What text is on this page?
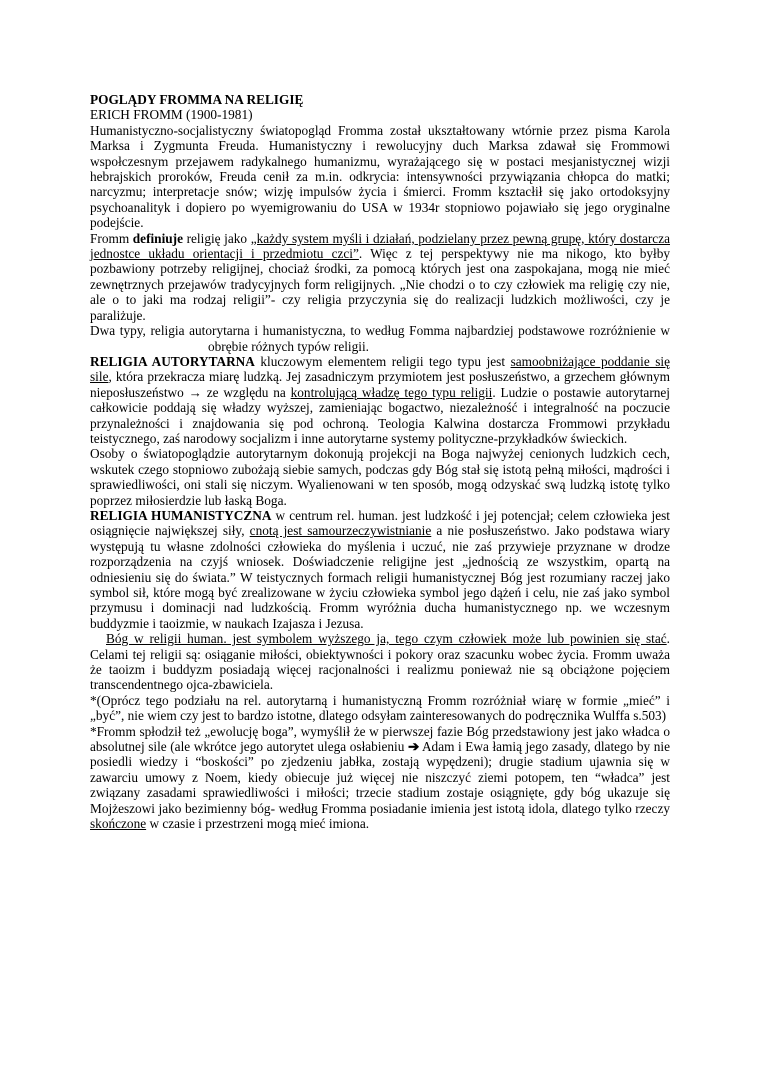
POGLĄDY FROMMA NA RELIGIĘ

ERICH FROMM (1900-1981)

Humanistyczno-socjalistyczny światopogląd Fromma został ukształtowany wtórnie przez pisma Karola Marksa i Zygmunta Freuda. Humanistyczny i rewolucyjny duch Marksa zdawał się Frommowi wspołczesnym przejawem radykalnego humanizmu, wyrażającego się w postaci mesjanistycznej wizji hebrajskich proroków, Freuda cenił za m.in. odkrycia: intensywności przywiązania chłopca do matki; narcyzmu; interpretacje snów; wizję impulsów życia i śmierci. Fromm ksztacłił się jako ortodoksyjny psychoanalityk i dopiero po wyemigrowaniu do USA w 1934r stopniowo pojawiało się jego oryginalne podejście.

Fromm definiuje religię jako „każdy system myśli i działań, podzielany przez pewną grupę, który dostarcza jednostce układu orientacji i przedmiotu czci”. Więc z tej perspektywy nie ma nikogo, kto byłby pozbawiony potrzeby religijnej, chociaż środki, za pomocą których jest ona zaspokajana, mogą nie mieć zewnętrznych przejawów tradycyjnych form religijnych. „Nie chodzi o to czy człowiek ma religię czy nie, ale o to jaki ma rodzaj religii”- czy religia przyczynia się do realizacji ludzkich możliwości, czy je paraliżuje.

Dwa typy, religia autorytarna i humanistyczna, to według Fomma najbardziej podstawowe rozróżnienie wobrębie różnych typów religii.

RELIGIA AUTORYTARNA kluczowym elementem religii tego typu jest samoobniżające poddanie się sile, która przekracza miarę ludzką. Jej zasadniczym przymiotem jest posłuszeństwo, a grzechem głównym nieposłuszeństwo → ze względu na kontrolującą władzę tego typu religii. Ludzie o postawie autorytarnej całkowicie poddają się władzy wyższej, zamieniając bogactwo, niezależność i integralność na poczucie przynależności i znajdowania się pod ochroną. Teologia Kalwina dostarcza Frommowi przykładu teistycznego, zaś narodowy socjalizm i inne autorytarne systemy polityczne-przykładków świeckich.

Osoby o światopoglądzie autorytarnym dokonują projekcji na Boga najwyżej cenionych ludzkich cech, wskutek czego stopniowo zubożają siebie samych, podczas gdy Bóg stał się istotą pełną miłości, mądrości i sprawiedliwości, oni stali się niczym. Wyalienowani w ten sposób, mogą odzyskać swą ludzką istotę tylko poprzez miłosierdzie lub łaską Boga.

RELIGIA HUMANISTYCZNA w centrum rel. human. jest ludzkość i jej potencjał; celem człowieka jest osiągnięcie największej siły, cnotą jest samourzeczywistnianie a nie posłuszeństwo. Jako podstawa wiary występują tu własne zdolności człowieka do myślenia i uczuć, nie zaś przywieje przyznane w drodze rozporządzenia na czyjś wniosek. Doświadczenie religijne jest „jednością ze wszystkim, opartą na odniesieniu się do świata.” W teistycznych formach religii humanistycznej Bóg jest rozumiany raczej jako symbol sił, które mogą być zrealizowane w życiu człowieka symbol jego dążeń i celu, nie zaś jako symbol przymusu i dominacji nad ludzkością. Fromm wyróżnia ducha humanistycznego np. we wczesnym buddyzmie i taoizmie, w naukach Izajasza i Jezusa.

Bóg w religii human. jest symbolem wyższego ja, tego czym człowiek może lub powinien się stać. Celami tej religii są: osiąganie miłości, obiektywności i pokory oraz szacunku wobec życia. Fromm uważa że taoizm i buddyzm posiadają więcej racjonalności i realizmu ponieważ nie są obciążone pojęciem transcendentnego ojca-zbawiciela.

*(Oprócz tego podziału na rel. autorytarną i humanistyczną Fromm rozróżniał wiarę w formie „mieć” i „być”, nie wiem czy jest to bardzo istotne, dlatego odsyłam zainteresowanych do podręcznika Wulffa s.503)

*Fromm spłodził też „ewolucję boga”, wymyślił że w pierwszej fazie Bóg przedstawiony jest jako władca o absolutnej sile (ale wkrótce jego autorytet ulega osłabieniu ➔ Adam i Ewa łamią jego zasady, dlatego by nie posiedli wiedzy i “boskości” po zjedzeniu jabłka, zostają wypędzeni); drugie stadium ujawnia się w zawarciu umowy z Noem, kiedy obiecuje już więcej nie niszczyć ziemi potopem, ten “władca” jest związany zasadami sprawiedliwości i miłości; trzecie stadium zostaje osiągnięte, gdy bóg ukazuje się Mojżeszowi jako bezimienny bóg- według Fromma posiadanie imienia jest istotą idola, dlatego tylko rzeczy skończone w czasie i przestrzeni mogą mieć imiona.
